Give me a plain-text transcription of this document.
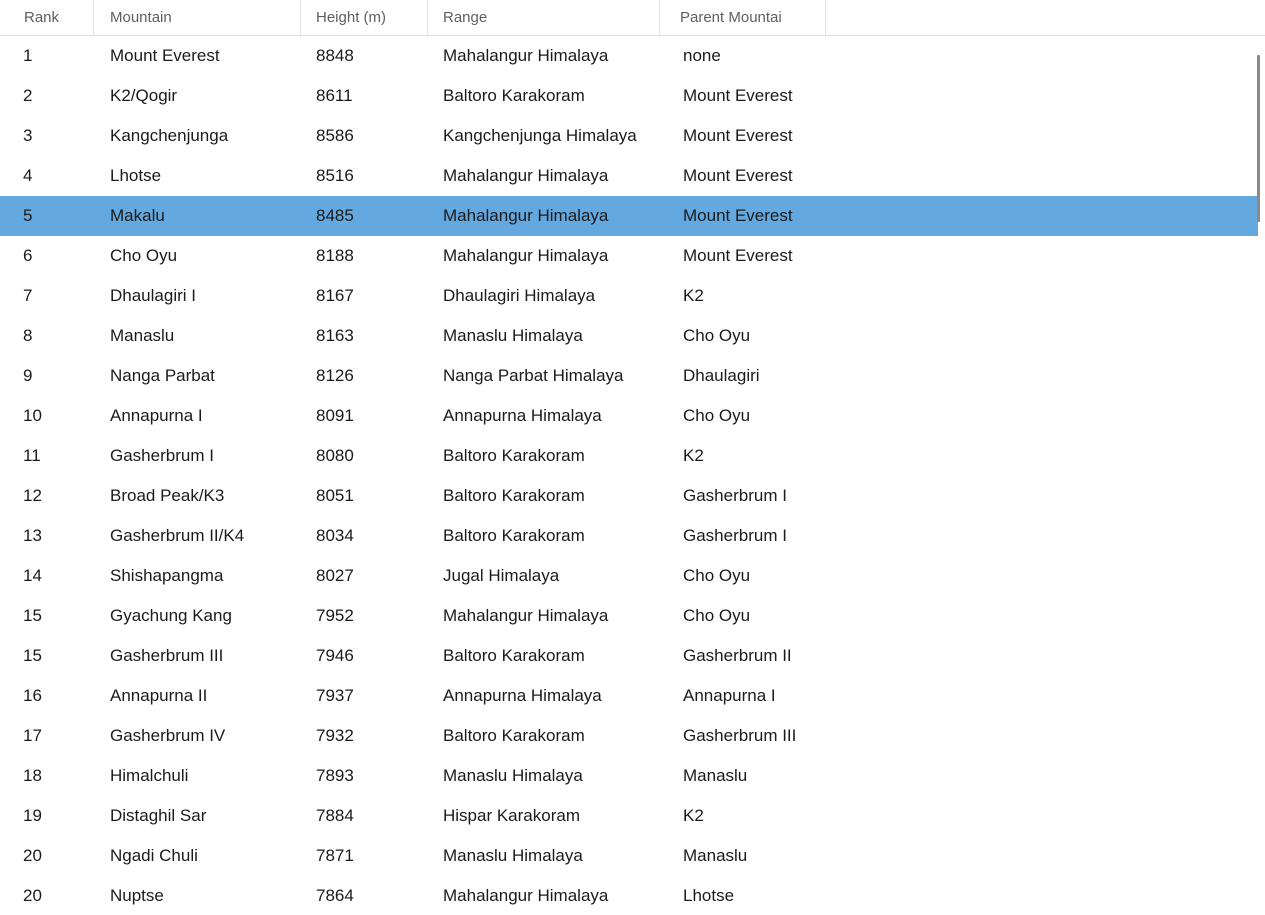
Rank	Mountain	Height (m)	Range	Parent Mountai
1	Mount Everest	8848	Mahalangur Himalaya	none
2	K2/Qogir	8611	Baltoro Karakoram	Mount Everest
3	Kangchenjunga	8586	Kangchenjunga Himalaya	Mount Everest
4	Lhotse	8516	Mahalangur Himalaya	Mount Everest
5	Makalu	8485	Mahalangur Himalaya	Mount Everest
6	Cho Oyu	8188	Mahalangur Himalaya	Mount Everest
7	Dhaulagiri I	8167	Dhaulagiri Himalaya	K2
8	Manaslu	8163	Manaslu Himalaya	Cho Oyu
9	Nanga Parbat	8126	Nanga Parbat Himalaya	Dhaulagiri
10	Annapurna I	8091	Annapurna Himalaya	Cho Oyu
11	Gasherbrum I	8080	Baltoro Karakoram	K2
12	Broad Peak/K3	8051	Baltoro Karakoram	Gasherbrum I
13	Gasherbrum II/K4	8034	Baltoro Karakoram	Gasherbrum I
14	Shishapangma	8027	Jugal Himalaya	Cho Oyu
15	Gyachung Kang	7952	Mahalangur Himalaya	Cho Oyu
15	Gasherbrum III	7946	Baltoro Karakoram	Gasherbrum II
16	Annapurna II	7937	Annapurna Himalaya	Annapurna I
17	Gasherbrum IV	7932	Baltoro Karakoram	Gasherbrum III
18	Himalchuli	7893	Manaslu Himalaya	Manaslu
19	Distaghil Sar	7884	Hispar Karakoram	K2
20	Ngadi Chuli	7871	Manaslu Himalaya	Manaslu
20	Nuptse	7864	Mahalangur Himalaya	Lhotse
